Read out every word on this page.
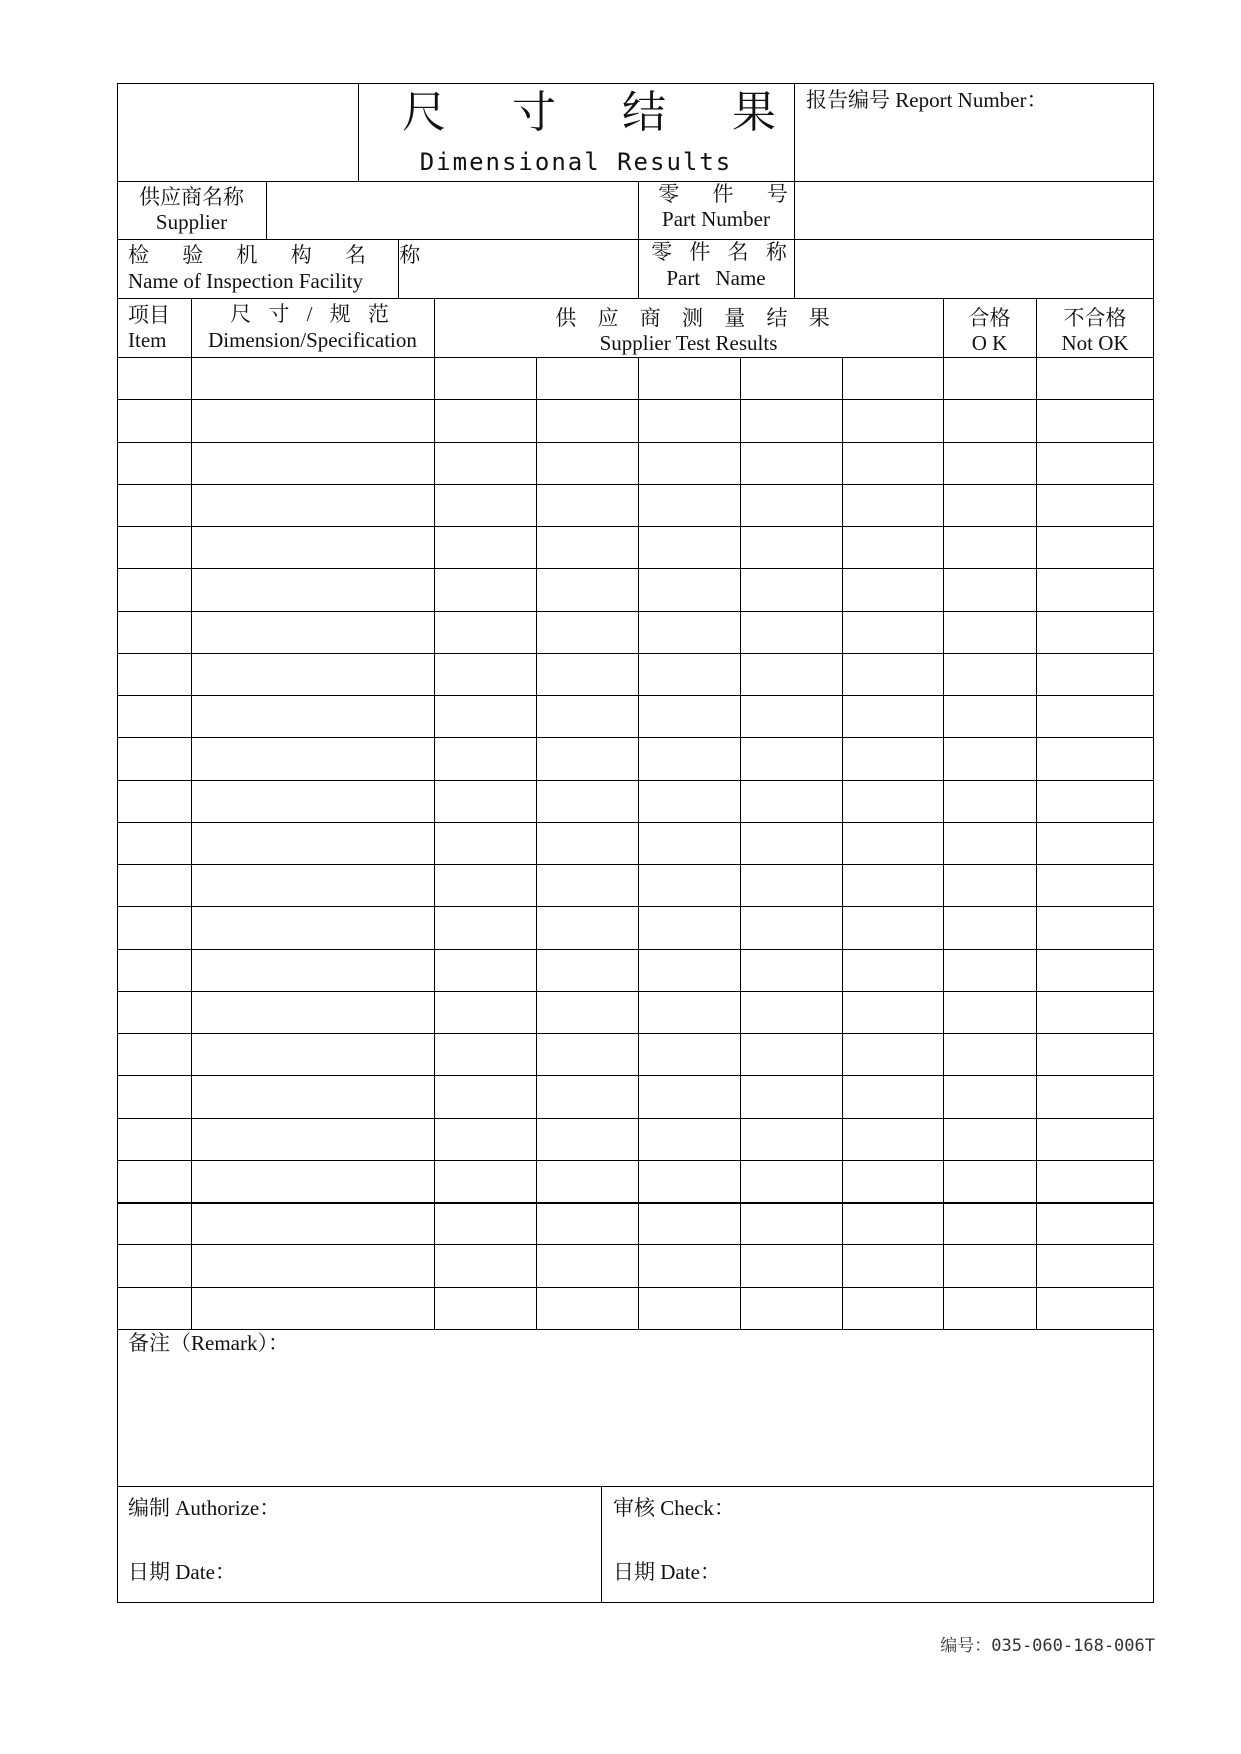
尺 寸 结 果
Dimensional Results
报告编号 Report Number：
供应商名称
Supplier
零 件 号
Part Number
检 验 机 构 名 称
Name of Inspection Facility
零 件 名 称
Part Name
项目
Item
尺 寸 / 规 范
Dimension/Specification
供 应 商 测 量 结 果
Supplier Test Results
合格
O K
不合格
Not OK
备注（Remark）：
编制 Authorize：	审核 Check：
日期 Date：	日期 Date：
编号：035-060-168-006T
